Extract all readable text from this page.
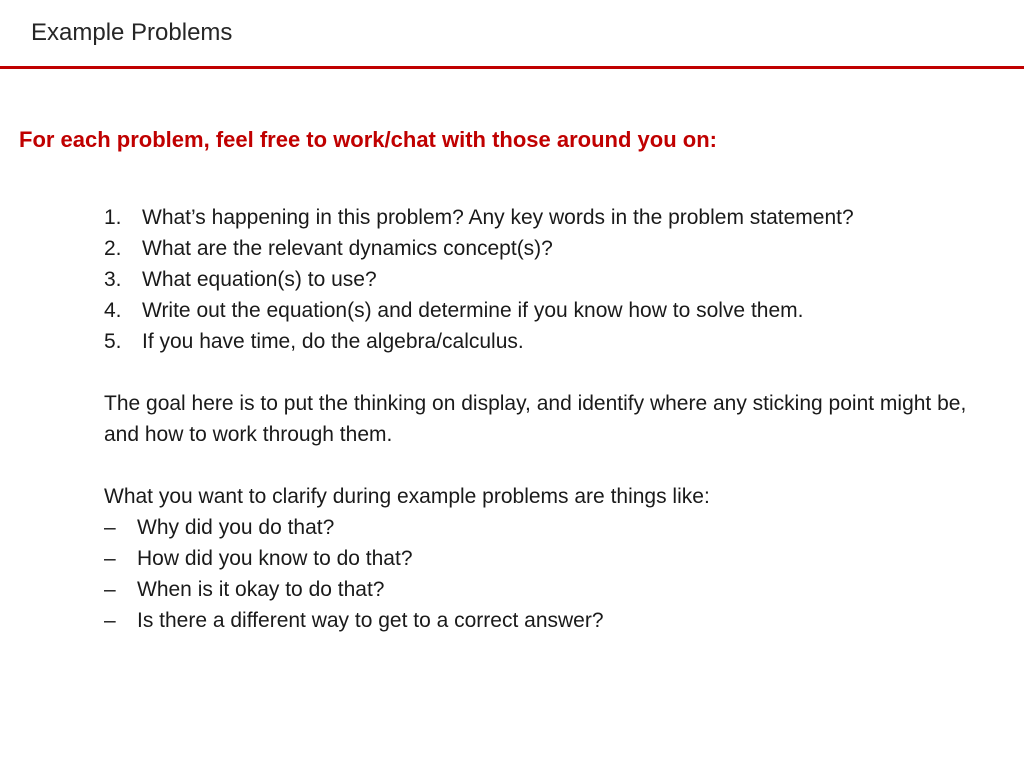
Example Problems
For each problem, feel free to work/chat with those around you on:
1. What’s happening in this problem? Any key words in the problem statement?
2. What are the relevant dynamics concept(s)?
3. What equation(s) to use?
4. Write out the equation(s) and determine if you know how to solve them.
5. If you have time, do the algebra/calculus.

The goal here is to put the thinking on display, and identify where any sticking point might be, and how to work through them.

What you want to clarify during example problems are things like:

–	Why did you do that?
–	How did you know to do that?
–	When is it okay to do that?
–	Is there a different way to get to a correct answer?
